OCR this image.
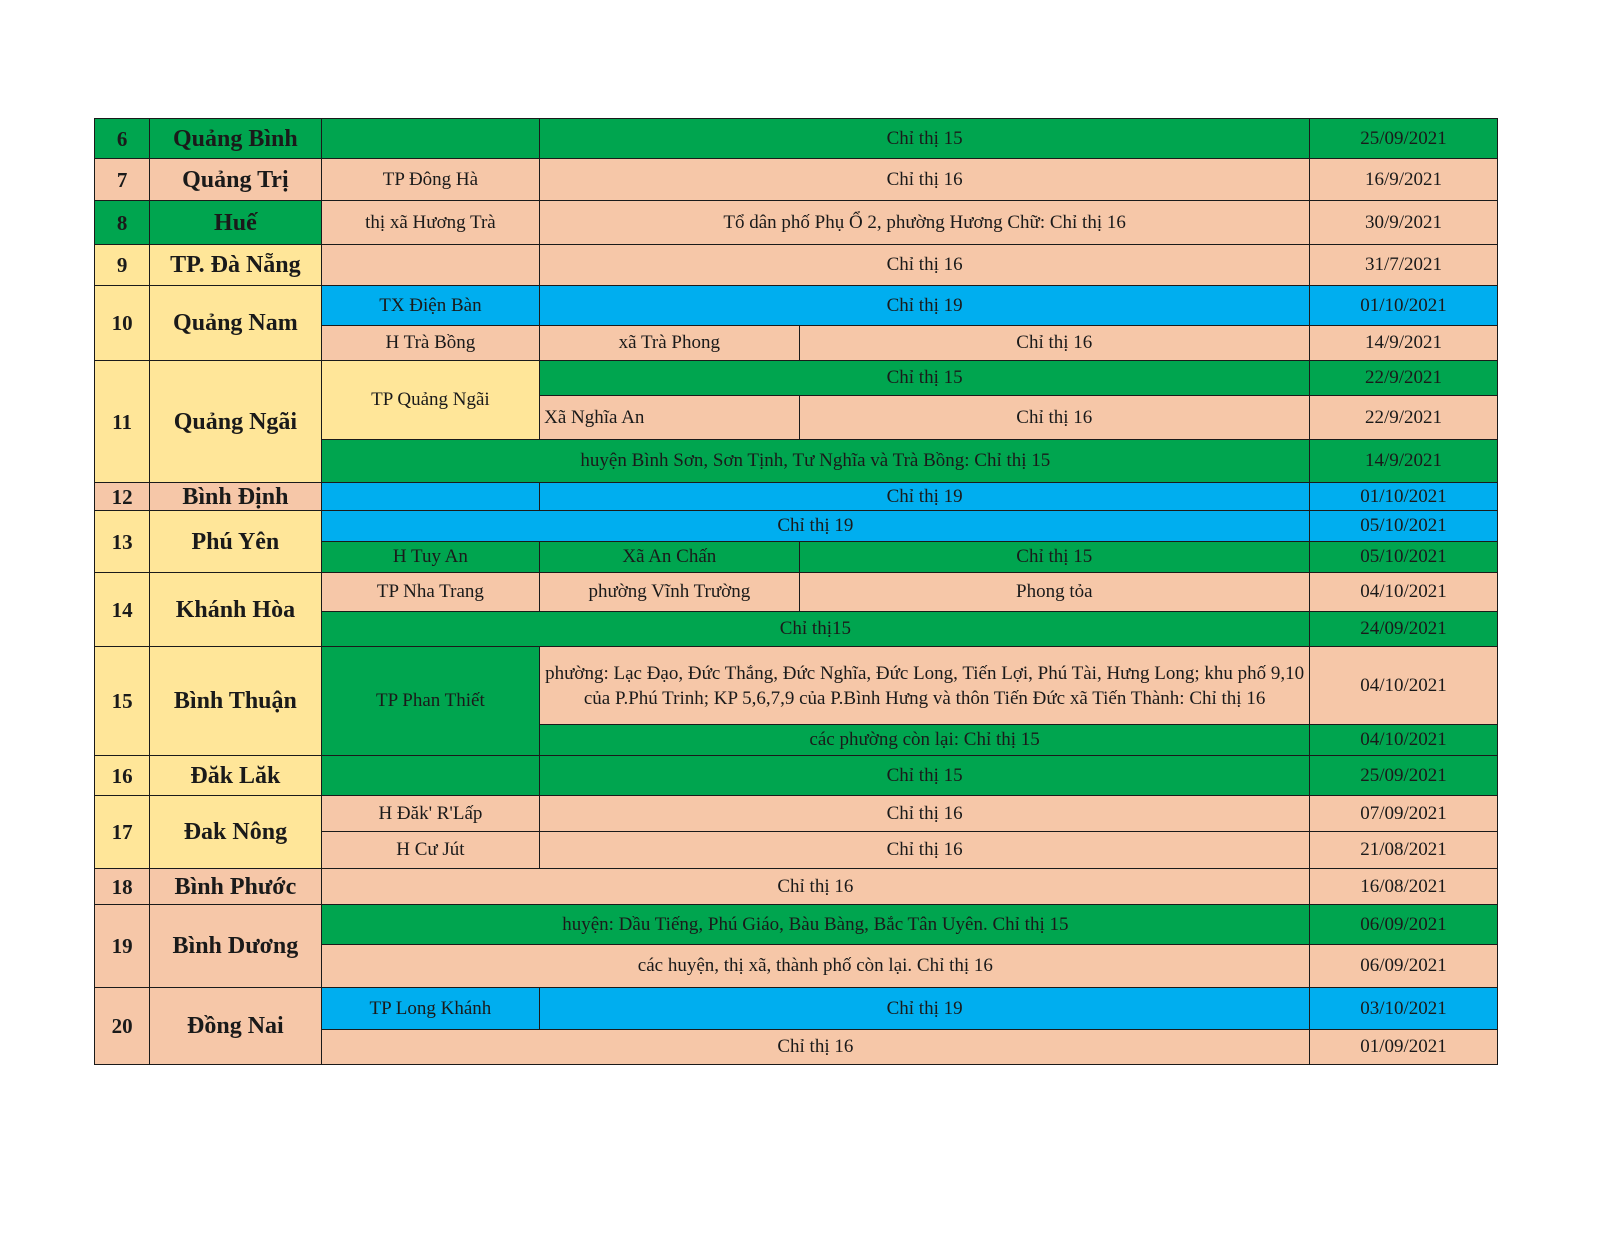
6	Quảng Bình		Chỉ thị 15		25/09/2021
7	Quảng Trị	TP Đông Hà	Chỉ thị 16		16/9/2021
8	Huế	thị xã Hương Trà	Tổ dân phố Phụ Ổ 2, phường Hương Chữ: Chỉ thị 16		30/9/2021
9	TP. Đà Nẵng		Chỉ thị 16		31/7/2021
10	Quảng Nam	TX Điện Bàn	Chỉ thị 19		01/10/2021
		H Trà Bồng	xã Trà Phong	Chỉ thị 16	14/9/2021
11	Quảng Ngãi	TP Quảng Ngãi	Chỉ thị 15		22/9/2021
			Xã Nghĩa An	Chỉ thị 16	22/9/2021
		huyện Bình Sơn, Sơn Tịnh, Tư Nghĩa và Trà Bồng: Chỉ thị 15			14/9/2021
12	Bình Định		Chỉ thị 19		01/10/2021
13	Phú Yên	Chỉ thị 19			05/10/2021
		H Tuy An	Xã An Chấn	Chỉ thị 15	05/10/2021
14	Khánh Hòa	TP Nha Trang	phường Vĩnh Trường	Phong tỏa	04/10/2021
		Chỉ thị15			24/09/2021
15	Bình Thuận	TP Phan Thiết	phường: Lạc Đạo, Đức Thắng, Đức Nghĩa, Đức Long, Tiến Lợi, Phú Tài, Hưng Long; khu phố 9,10 của P.Phú Trinh; KP 5,6,7,9 của P.Bình Hưng và thôn Tiến Đức xã Tiến Thành: Chỉ thị 16		04/10/2021
			các phường còn lại: Chỉ thị 15		04/10/2021
16	Đăk Lăk		Chỉ thị 15		25/09/2021
17	Đak Nông	H Đăk' R'Lấp	Chỉ thị 16		07/09/2021
		H Cư Jút	Chỉ thị 16		21/08/2021
18	Bình Phước	Chỉ thị 16			16/08/2021
19	Bình Dương	huyện: Dầu Tiếng, Phú Giáo, Bàu Bàng, Bắc Tân Uyên. Chỉ thị 15			06/09/2021
		các huyện, thị xã, thành phố còn lại. Chỉ thị 16			06/09/2021
20	Đồng Nai	TP Long Khánh	Chỉ thị 19		03/10/2021
		Chỉ thị 16			01/09/2021
